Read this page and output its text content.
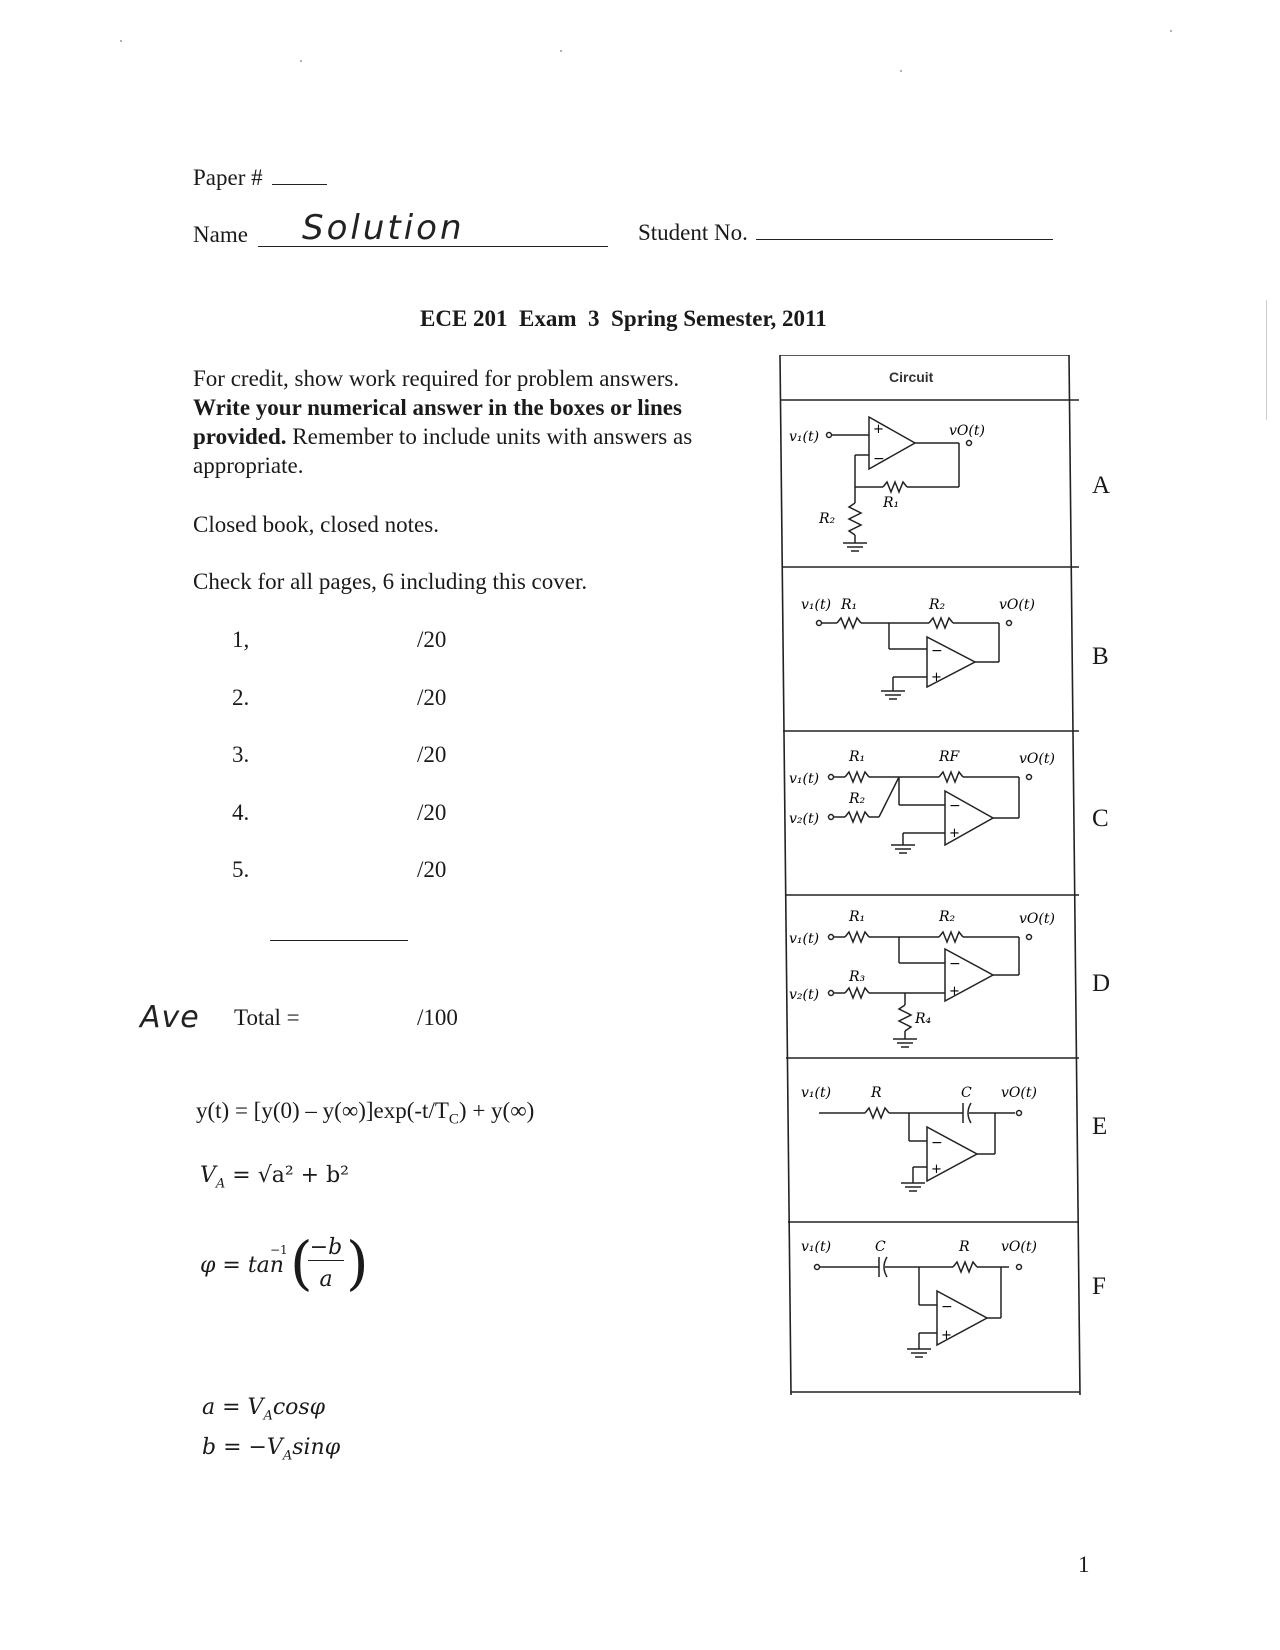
Paper #
Name Solution	Student No.
ECE 201  Exam  3  Spring Semester, 2011
For credit, show work required for problem answers. Write your numerical answer in the boxes or lines provided. Remember to include units with answers as appropriate.
Closed book, closed notes.
Check for all pages, 6 including this cover.
1,	/20
2.	/20
3.	/20
4.	/20
5.	/20
Ave Total =	/100
$y(t) = [y(0) - y(\infty)]\exp(-t/T_C) + y(\infty)$
$V_A = √a^2 + b^2$
φ = tan
−1 (
−b
a )
$a = V_A\cos\varphi$
$b = -V_A\sin\varphi$
Circuit
+
−
v₁(t)	vO(t)
R₁
R₂
−
+
v₁(t) R₁	R₂	vO(t)
−
+
v₁(t)
v₂(t)
R₁
R₂
RF	vO(t)
−
+
v₁(t)
v₂(t)
R₁	R₂
R₃
R₄
vO(t)
−
+
v₁(t)	R	C vO(t)
−
+
v₁(t)	C	R vO(t)
A
B
C
D
E
F
1
